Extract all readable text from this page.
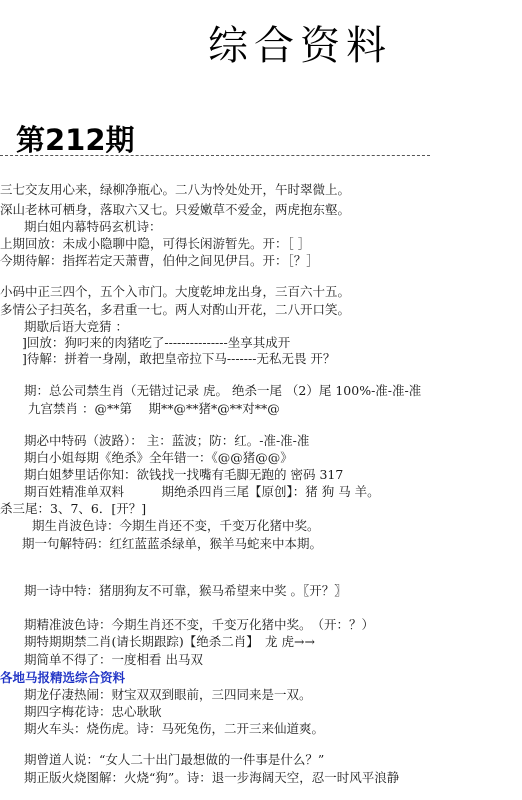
综合资料
第212期
三七交友用心来，绿柳净瓶心。二八为怜处处开，午时翠微上。
深山老林可栖身，落取六又七。只爱嫩草不爱金，两虎抱东壑。
期白姐内幕特码玄机诗：
上期回放：未成小隐聊中隐，可得长闲游暂先。开：［ ］
今期待解：指挥若定天萧曹，伯仲之间见伊吕。开：［？］
小码中正三四个，五个入市门。大度乾坤龙出身，三百六十五。
多情公子扫英名，多君重一七。两人对酌山开花，二八开口笑。
期歇后语大竞猜 ：
]回放：狗叼来的肉猪吃了---------------坐享其成开
]待解：拼着一身剐，敢把皇帝拉下马-------无私无畏 开？
期：总公司禁生肖（无错过记录 虎。 绝杀一尾 （2）尾 100%-准-准-准
九宫禁肖 ：@**第　 期**@**猪*@**对**@
期必中特码（波路）： 主：蓝波；防：红。-准-准-准
期白小姐每期《绝杀》全年错一：《@@猪@@》
期白姐梦里话你知：欲钱找一找嘴有毛脚无跑的 密码 317
期百姓精准单双料　　　期绝杀四肖三尾【原创】：猪 狗 马 羊。
杀三尾：3、7、6．[开？]
期生肖波色诗：今期生肖还不变，千变万化猪中奖。
期一句解特码：红红蓝蓝杀绿单，猴羊马蛇来中本期。
期一诗中特：猪朋狗友不可靠，猴马希望来中奖 。〖开？〗
期精准波色诗：今期生肖还不变，千变万化猪中奖。　（开：？）
期特期期禁二肖(请长期跟踪)【绝杀二肖】　龙 虎→→
期简单不得了：一度相看 出马双
各地马报精选综合资料
期龙仔凄热闹：财宝双双到眼前，三四同来是一双。
期四字梅花诗：忠心耿耿
期火车头：烧伤虎。诗：马死兔伤，二开三来仙道爽。
期曾道人说：“女人二十出门最想做的一件事是什么？”
期正版火烧图解：火烧“狗”。诗：退一步海阔天空，忍一时风平浪静
